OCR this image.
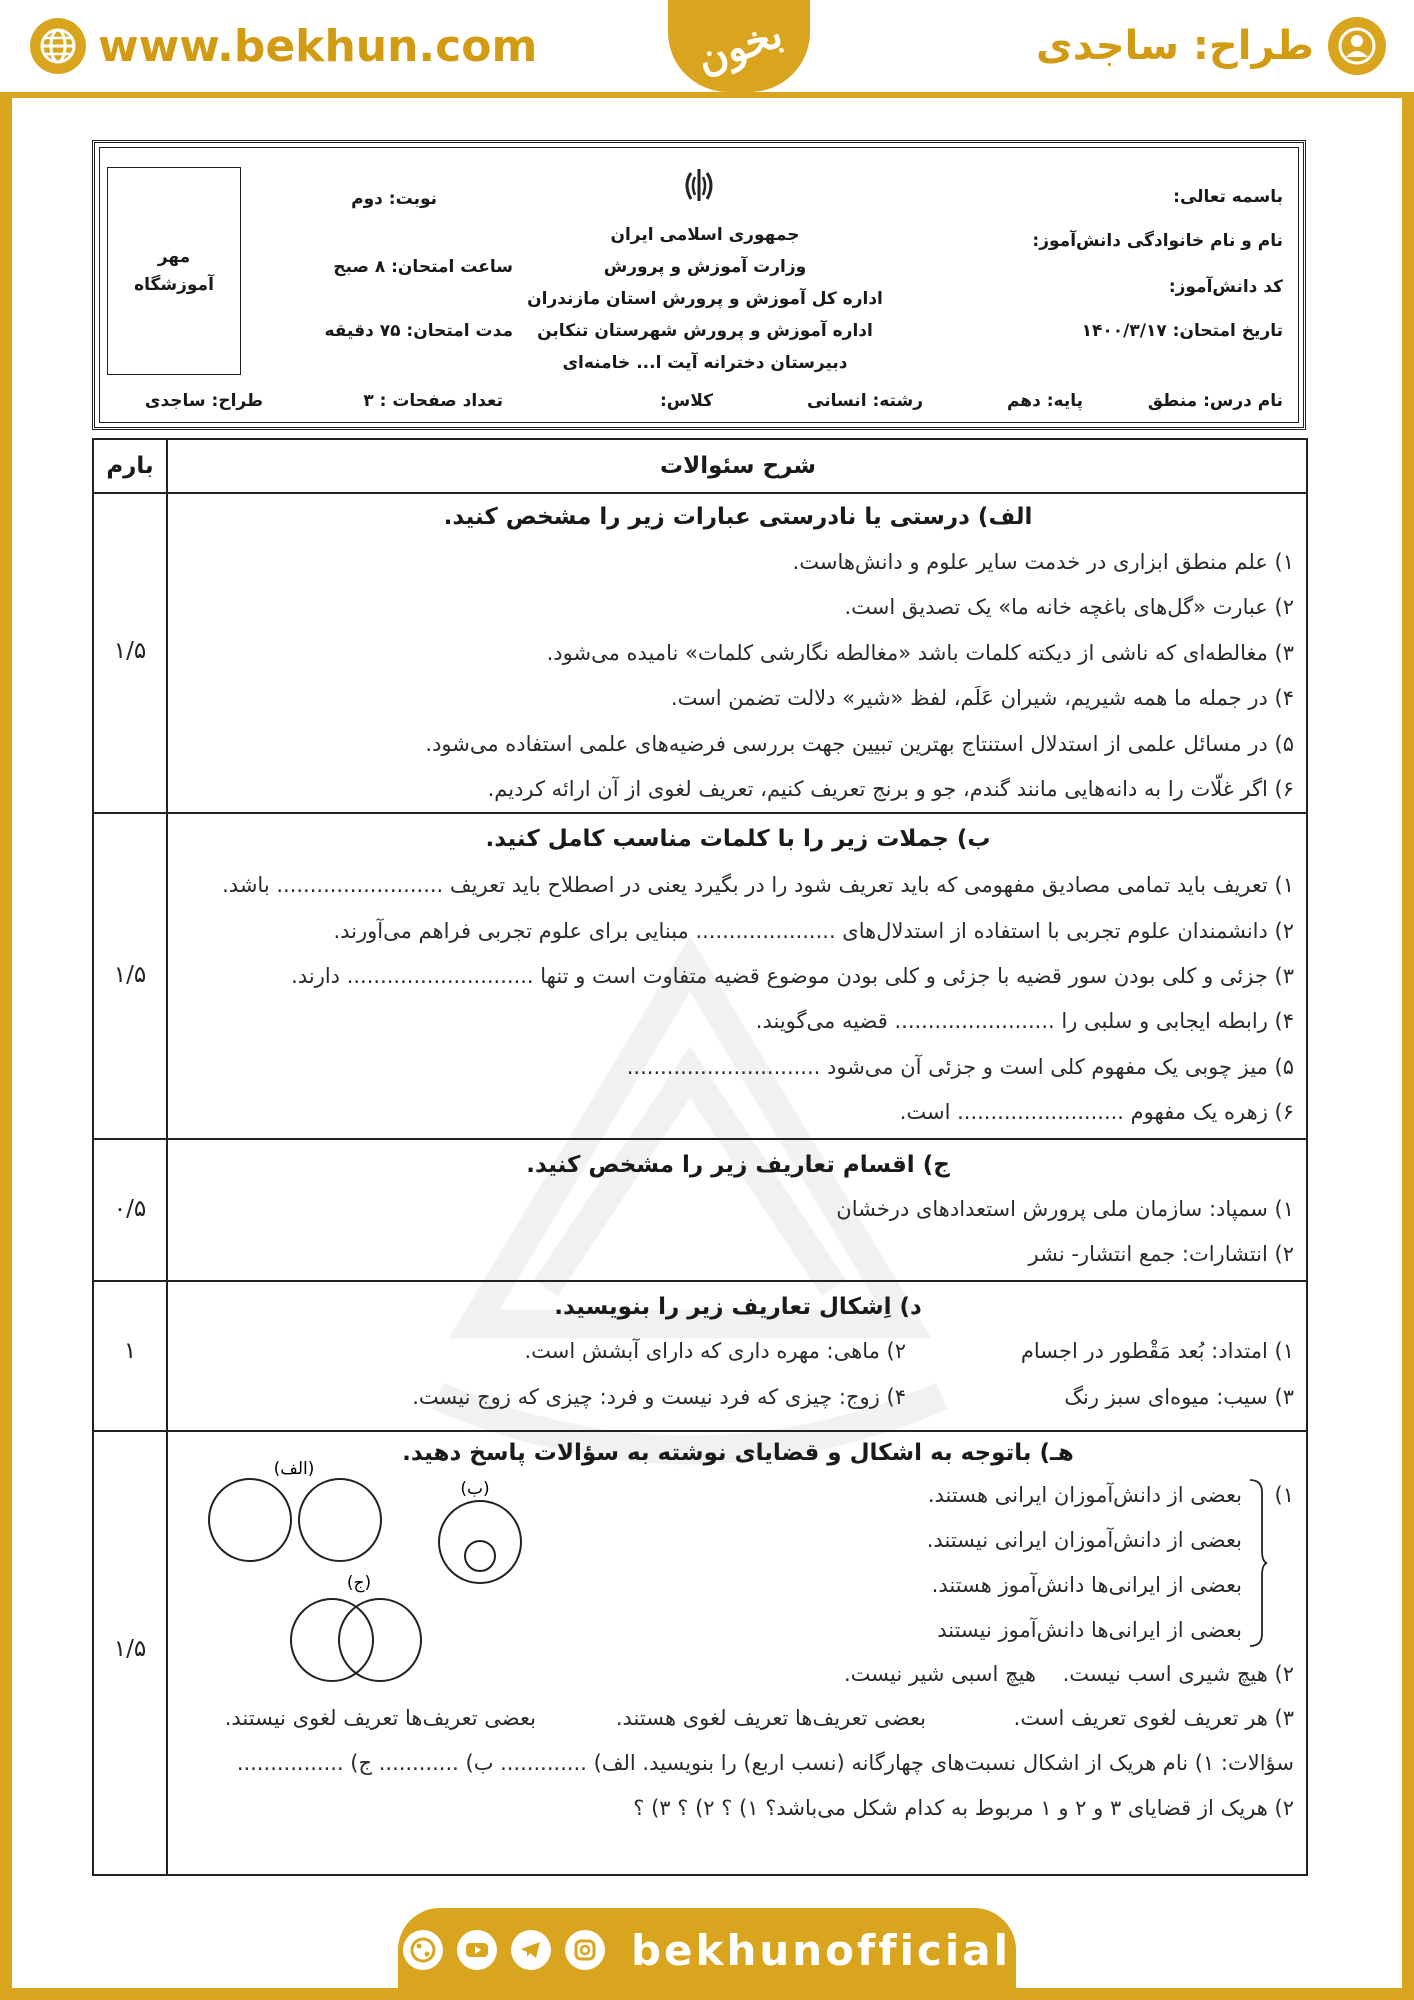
www.bekhun.com	بخون	طراح: ساجدی
باسمه تعالی:
نام و نام خانوادگی دانش‌آموز:
کد دانش‌آموز:
تاریخ امتحان: ۱۴۰۰/۳/۱۷
جمهوری اسلامی ایران
وزارت آموزش و پرورش
اداره کل آموزش و پرورش استان مازندران
اداره آموزش و پرورش شهرستان تنکابن
دبیرستان دخترانه آیت ا... خامنه‌ای
نوبت: دوم
ساعت امتحان: ۸ صبح
مدت امتحان: ۷۵ دقیقه
مهر
آموزشگاه
نام درس: منطق
پایه: دهم
رشته: انسانی
کلاس:
تعداد صفحات : ۳
طراح: ساجدی
بارم	شرح سئوالات
۱/۵
الف) درستی یا نادرستی عبارات زیر را مشخص کنید.
۱) علم منطق ابزاری در خدمت سایر علوم و دانش‌هاست.
۲) عبارت «گل‌های باغچه خانه ما» یک تصدیق است.
۳) مغالطه‌ای که ناشی از دیکته کلمات باشد «مغالطه نگارشی کلمات» نامیده می‌شود.
۴) در جمله ما همه شیریم، شیران عَلَم، لفظ «شیر» دلالت تضمن است.
۵) در مسائل علمی از استدلال استنتاج بهترین تبیین جهت بررسی فرضیه‌های علمی استفاده می‌شود.
۶) اگر غلّات را به دانه‌هایی مانند گندم، جو و برنج تعریف کنیم، تعریف لغوی از آن ارائه کردیم.
۱/۵
ب) جملات زیر را با کلمات مناسب کامل کنید.
۱) تعریف باید تمامی مصادیق مفهومی که باید تعریف شود را در بگیرد یعنی در اصطلاح باید تعریف ......................... باشد.
۲) دانشمندان علوم تجربی با استفاده از استدلال‌های ..................... مبنایی برای علوم تجربی فراهم می‌آورند.
۳) جزئی و کلی بودن سور قضیه با جزئی و کلی بودن موضوع قضیه متفاوت است و تنها ............................ دارند.
۴) رابطه ایجابی و سلبی را ........................ قضیه می‌گویند.
۵) میز چوبی یک مفهوم کلی است و جزئی آن می‌شود .............................
۶) زهره یک مفهوم ......................... است.
۰/۵
ج) اقسام تعاریف زیر را مشخص کنید.
۱) سمپاد: سازمان ملی پرورش استعدادهای درخشان
۲) انتشارات: جمع انتشار- نشر
۱
د) اِشکال تعاریف زیر را بنویسید.
۱) امتداد: بُعد مَقْطور در اجسام
۲) ماهی: مهره داری که دارای آبشش است.
۳) سیب: میوه‌ای سبز رنگ
۴) زوج: چیزی که فرد نیست و فرد: چیزی که زوج نیست.
۱/۵
هـ) باتوجه به اشکال و قضایای نوشته به سؤالات پاسخ دهید.
۱)
بعضی از دانش‌آموزان ایرانی هستند.
بعضی از دانش‌آموزان ایرانی نیستند.
بعضی از ایرانی‌ها دانش‌آموز هستند.
بعضی از ایرانی‌ها دانش‌آموز نیستند
۲) هیچ شیری اسب نیست.
هیچ اسبی شیر نیست.
۳) هر تعریف لغوی تعریف است.
بعضی تعریف‌ها تعریف لغوی هستند.
بعضی تعریف‌ها تعریف لغوی نیستند.
سؤالات: ۱) نام هریک از اشکال نسبت‌های چهارگانه (نسب اربع) را بنویسید. الف) ............. ب) ............ ج) ................
۲) هریک از قضایای ۳ و ۲ و ۱ مربوط به کدام شکل می‌باشد؟ ۱) ؟ ۲) ؟ ۳) ؟
(الف)
(ب)
(ج)
bekhunofficial
